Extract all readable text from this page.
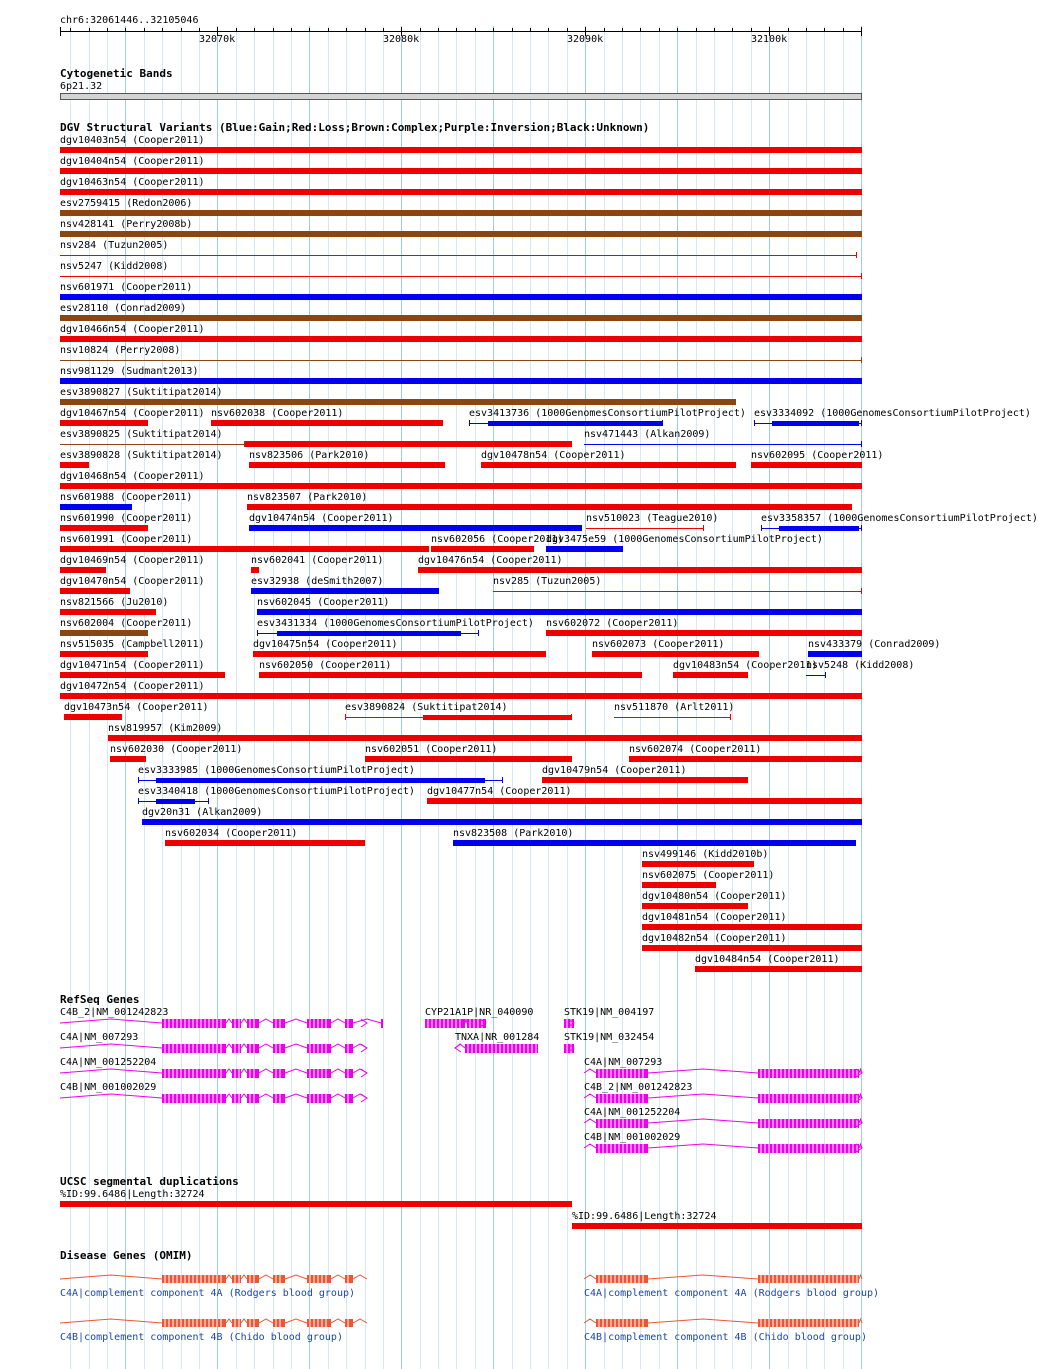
chr6:32061446..32105046
32070k	32080k	32090k	32100k
Cytogenetic Bands
6p21.32
DGV Structural Variants (Blue:Gain;Red:Loss;Brown:Complex;Purple:Inversion;Black:Unknown)
dgv10403n54 (Cooper2011)
dgv10404n54 (Cooper2011)
dgv10463n54 (Cooper2011)
esv2759415 (Redon2006)
nsv428141 (Perry2008b)
nsv284 (Tuzun2005)
nsv5247 (Kidd2008)
nsv601971 (Cooper2011)
esv28110 (Conrad2009)
dgv10466n54 (Cooper2011)
nsv10824 (Perry2008)
nsv981129 (Sudmant2013)
esv3890827 (Suktitipat2014)
dgv10467n54 (Cooper2011) nsv602038 (Cooper2011)	esv3413736 (1000GenomesConsortiumPilotProject) esv3334092 (1000GenomesConsortiumPilotProject)
esv3890825 (Suktitipat2014)	nsv471443 (Alkan2009)
esv3890828 (Suktitipat2014)	nsv823506 (Park2010)	dgv10478n54 (Cooper2011)	nsv602095 (Cooper2011)
dgv10468n54 (Cooper2011)
nsv601988 (Cooper2011)	nsv823507 (Park2010)
nsv601990 (Cooper2011)	dgv10474n54 (Cooper2011)	nsv510023 (Teague2010)	esv3358357 (1000GenomesConsortiumPilotProject)
nsv601991 (Cooper2011)	nsv602056 (Cooper2011)
dgv3475e59 (1000GenomesConsortiumPilotProject)
dgv10469n54 (Cooper2011)	nsv602041 (Cooper2011)	dgv10476n54 (Cooper2011)
dgv10470n54 (Cooper2011)	esv32938 (deSmith2007)	nsv285 (Tuzun2005)
nsv821566 (Ju2010)	nsv602045 (Cooper2011)
nsv602004 (Cooper2011)	esv3431334 (1000GenomesConsortiumPilotProject) nsv602072 (Cooper2011)
nsv515035 (Campbell2011)	dgv10475n54 (Cooper2011)	nsv602073 (Cooper2011)	nsv433379 (Conrad2009)
dgv10471n54 (Cooper2011)	nsv602050 (Cooper2011)	dgv10483n54 (Cooper2011)
nsv5248 (Kidd2008)
dgv10472n54 (Cooper2011)
dgv10473n54 (Cooper2011)	esv3890824 (Suktitipat2014)	nsv511870 (Arlt2011)
nsv819957 (Kim2009)
nsv602030 (Cooper2011)	nsv602051 (Cooper2011)	nsv602074 (Cooper2011)
esv3333985 (1000GenomesConsortiumPilotProject)	dgv10479n54 (Cooper2011)
esv3340418 (1000GenomesConsortiumPilotProject) dgv10477n54 (Cooper2011)
dgv20n31 (Alkan2009)
nsv602034 (Cooper2011)	nsv823508 (Park2010)
nsv499146 (Kidd2010b)
nsv602075 (Cooper2011)
dgv10480n54 (Cooper2011)
dgv10481n54 (Cooper2011)
dgv10482n54 (Cooper2011)
dgv10484n54 (Cooper2011)
RefSeq Genes
C4B_2|NM_001242823
C4A|NM_007293
C4A|NM_001252204
C4B|NM_001002029
CYP21A1P|NR_040090
TNXA|NR_001284
STK19|NM_004197
STK19|NM_032454
C4A|NM_007293
C4B_2|NM_001242823
C4A|NM_001252204
C4B|NM_001002029
UCSC segmental duplications
%ID:99.6486|Length:32724
%ID:99.6486|Length:32724
Disease Genes (OMIM)
C4A|complement component 4A (Rodgers blood group)	C4A|complement component 4A (Rodgers blood group)
C4B|complement component 4B (Chido blood group)	C4B|complement component 4B (Chido blood group)
